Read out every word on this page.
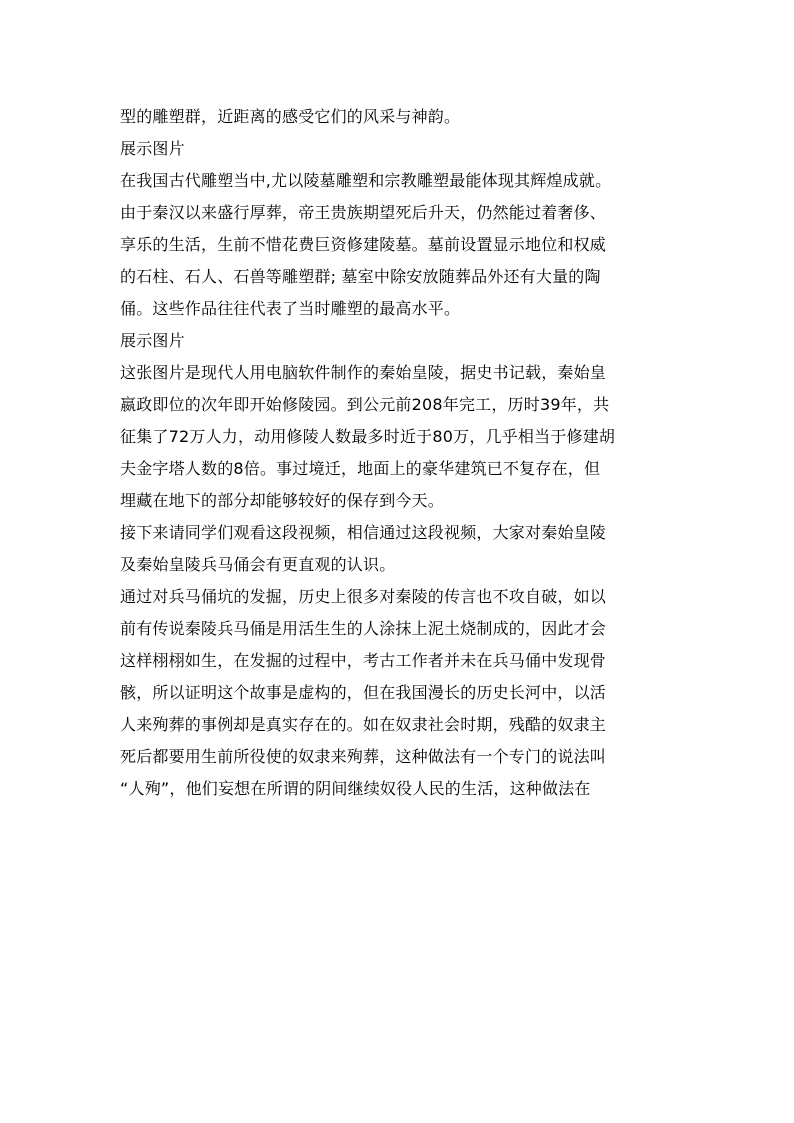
型的雕塑群，近距离的感受它们的风采与神韵。
展示图片
在我国古代雕塑当中,尤以陵墓雕塑和宗教雕塑最能体现其辉煌成就。
由于秦汉以来盛行厚葬，帝王贵族期望死后升天，仍然能过着奢侈、
享乐的生活，生前不惜花费巨资修建陵墓。墓前设置显示地位和权威
的石柱、石人、石兽等雕塑群; 墓室中除安放随葬品外还有大量的陶
俑。这些作品往往代表了当时雕塑的最高水平。
展示图片
这张图片是现代人用电脑软件制作的秦始皇陵，据史书记载，秦始皇
嬴政即位的次年即开始修陵园。到公元前208年完工，历时39年，共
征集了72万人力，动用修陵人数最多时近于80万，几乎相当于修建胡
夫金字塔人数的8倍。事过境迁，地面上的豪华建筑已不复存在，但
埋藏在地下的部分却能够较好的保存到今天。
接下来请同学们观看这段视频，相信通过这段视频，大家对秦始皇陵
及秦始皇陵兵马俑会有更直观的认识。
通过对兵马俑坑的发掘，历史上很多对秦陵的传言也不攻自破，如以
前有传说秦陵兵马俑是用活生生的人涂抹上泥土烧制成的，因此才会
这样栩栩如生，在发掘的过程中，考古工作者并未在兵马俑中发现骨
骸，所以证明这个故事是虚构的，但在我国漫长的历史长河中，以活
人来殉葬的事例却是真实存在的。如在奴隶社会时期，残酷的奴隶主
死后都要用生前所役使的奴隶来殉葬，这种做法有一个专门的说法叫
“人殉”，他们妄想在所谓的阴间继续奴役人民的生活，这种做法在
